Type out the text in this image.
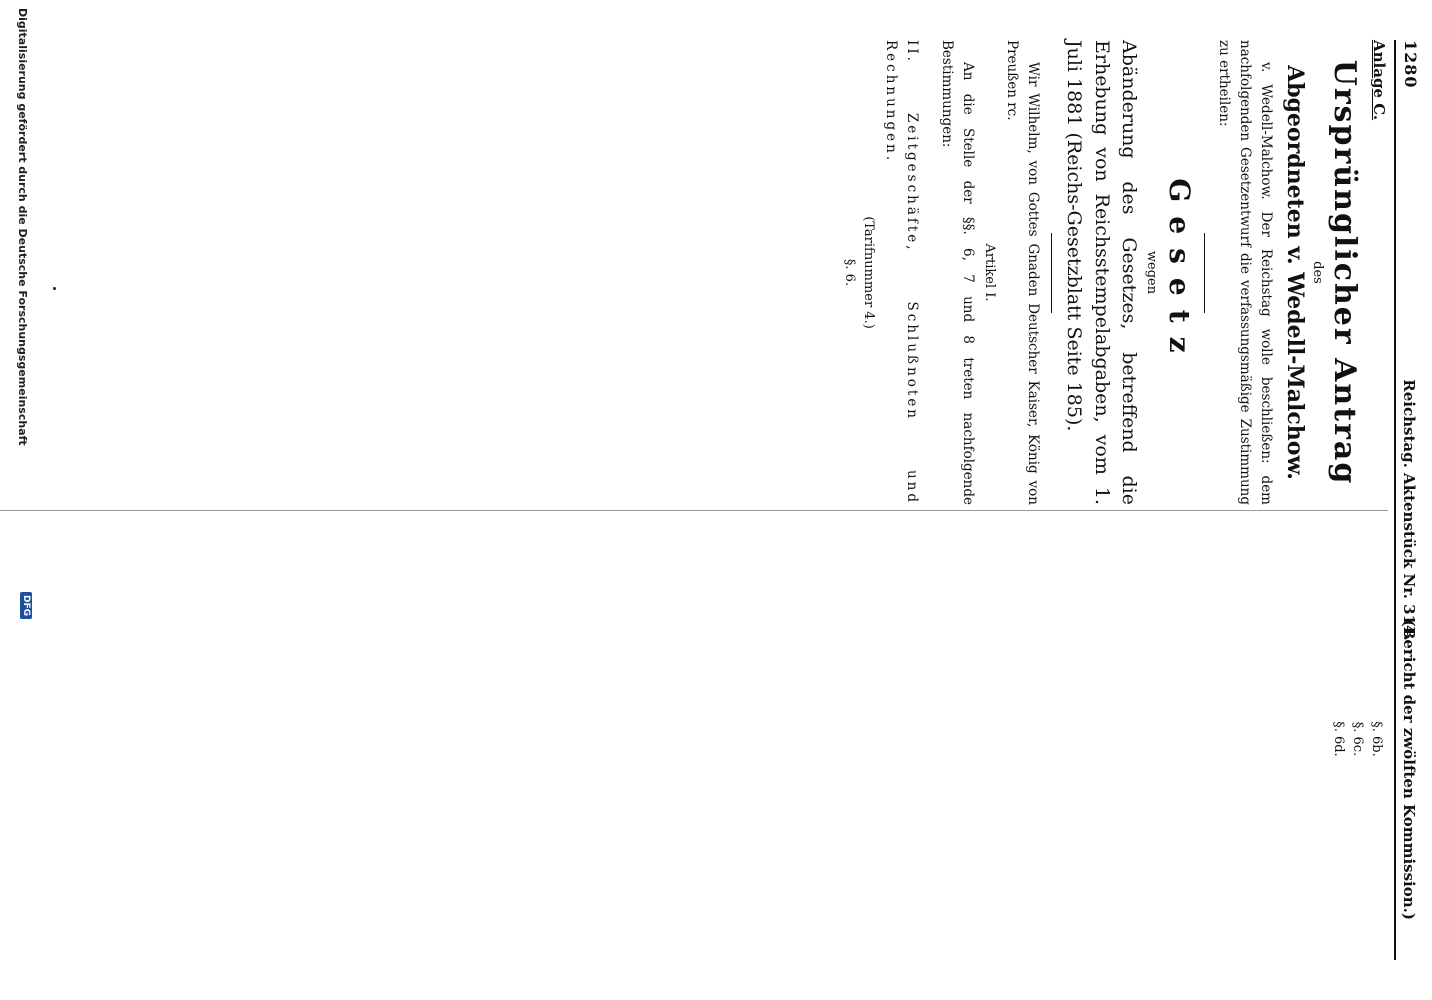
1280
Reichstag. Aktenstück Nr. 314.
(Bericht der zwölften Kommission.)
Anlage C.
Ursprünglicher Antrag
des
Abgeordneten v. Wedell-Malchow.
v. Wedell-Malchow. Der Reichstag wolle beschließen: dem nachfolgenden Gesetzentwurf die verfassungsmäßige Zustimmung zu ertheilen:
Gesetz
wegen
Abänderung des Gesetzes, betreffend die Erhebung von Reichsstempelabgaben, vom 1. Juli 1881 (Reichs-Gesetzblatt Seite 185).
Wir Wilhelm, von Gottes Gnaden Deutscher Kaiser, König von Preußen rc.
Artikel I.
An die Stelle der §§. 6, 7 und 8 treten nachfolgende Bestimmungen:
II. Zeitgeschäfte, Schlußnoten und Rechnungen.
(Tarifnummer 4.)
§. 6.
§. 6b.
§. 6c.
§. 6d.
Digitalisierung gefördert durch die Deutsche Forschungsgemeinschaft
DFG
